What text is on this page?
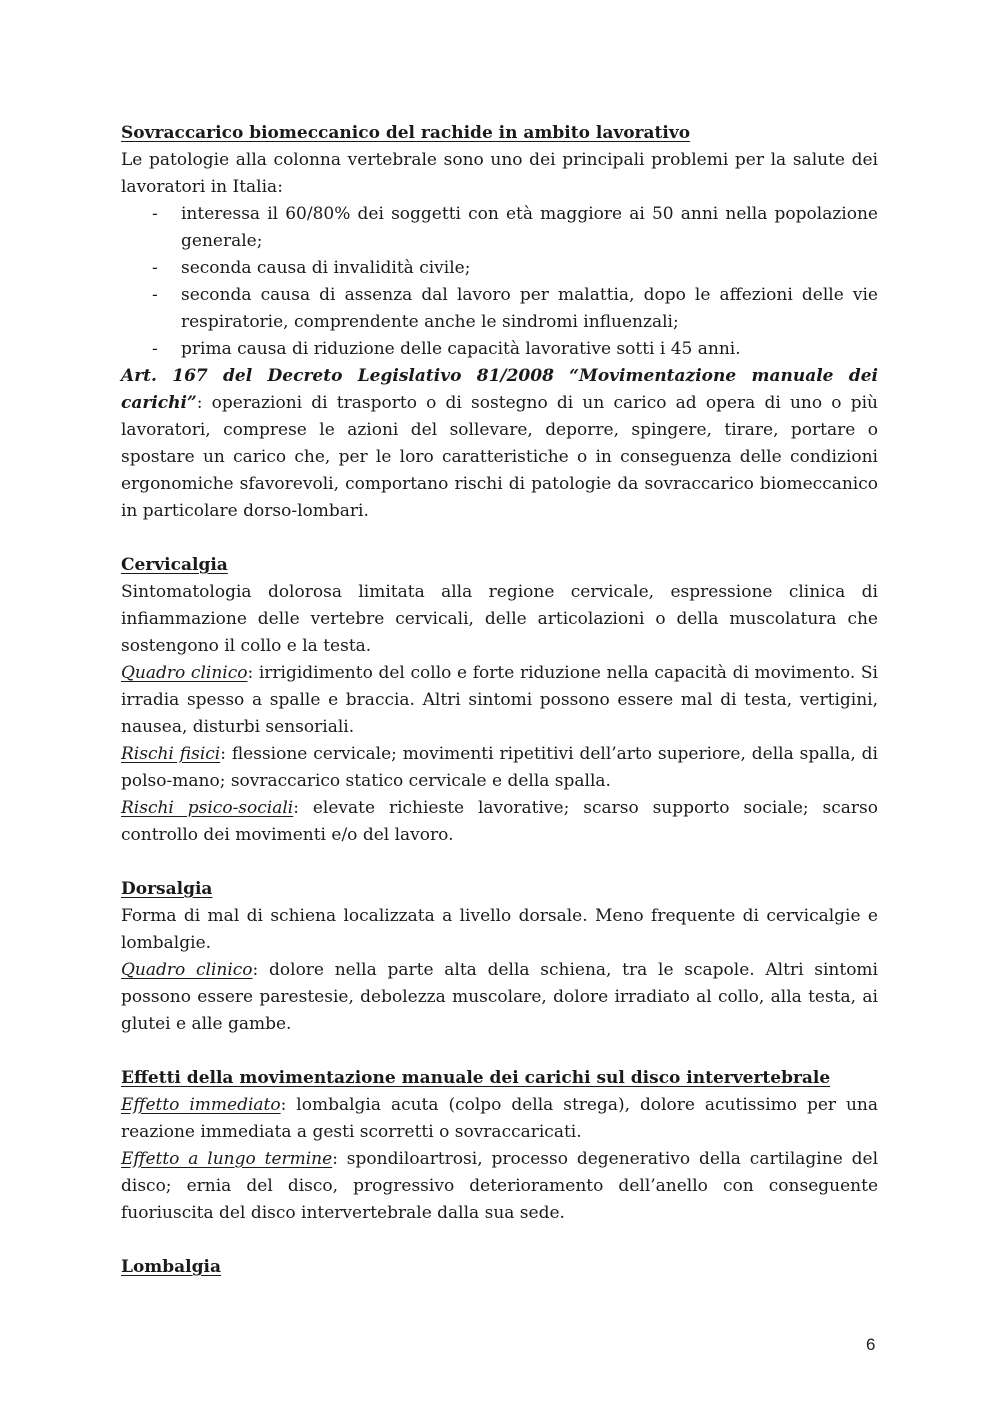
Sovraccarico biomeccanico del rachide in ambito lavorativo
Le patologie alla colonna vertebrale sono uno dei principali problemi per la salute dei lavoratori in Italia:
- interessa il 60/80% dei soggetti con età maggiore ai 50 anni nella popolazione generale;
- seconda causa di invalidità civile;
- seconda causa di assenza dal lavoro per malattia, dopo le affezioni delle vie respiratorie, comprendente anche le sindromi influenzali;
- prima causa di riduzione delle capacità lavorative sotti i 45 anni.
Art. 167 del Decreto Legislativo 81/2008 “Movimentazione manuale dei carichi”: operazioni di trasporto o di sostegno di un carico ad opera di uno o più lavoratori, comprese le azioni del sollevare, deporre, spingere, tirare, portare o spostare un carico che, per le loro caratteristiche o in conseguenza delle condizioni ergonomiche sfavorevoli, comportano rischi di patologie da sovraccarico biomeccanico in particolare dorso-lombari.
Cervicalgia
Sintomatologia dolorosa limitata alla regione cervicale, espressione clinica di infiammazione delle vertebre cervicali, delle articolazioni o della muscolatura che sostengono il collo e la testa.
Quadro clinico: irrigidimento del collo e forte riduzione nella capacità di movimento. Si irradia spesso a spalle e braccia. Altri sintomi possono essere mal di testa, vertigini, nausea, disturbi sensoriali.
Rischi fisici: flessione cervicale; movimenti ripetitivi dell’arto superiore, della spalla, di polso-mano; sovraccarico statico cervicale e della spalla.
Rischi psico-sociali: elevate richieste lavorative; scarso supporto sociale; scarso controllo dei movimenti e/o del lavoro.
Dorsalgia
Forma di mal di schiena localizzata a livello dorsale. Meno frequente di cervicalgie e lombalgie.
Quadro clinico: dolore nella parte alta della schiena, tra le scapole. Altri sintomi possono essere parestesie, debolezza muscolare, dolore irradiato al collo, alla testa, ai glutei e alle gambe.
Effetti della movimentazione manuale dei carichi sul disco intervertebrale
Effetto immediato: lombalgia acuta (colpo della strega), dolore acutissimo per una reazione immediata a gesti scorretti o sovraccaricati.
Effetto a lungo termine: spondiloartrosi, processo degenerativo della cartilagine del disco; ernia del disco, progressivo deterioramento dell’anello con conseguente fuoriuscita del disco intervertebrale dalla sua sede.
Lombalgia
6
